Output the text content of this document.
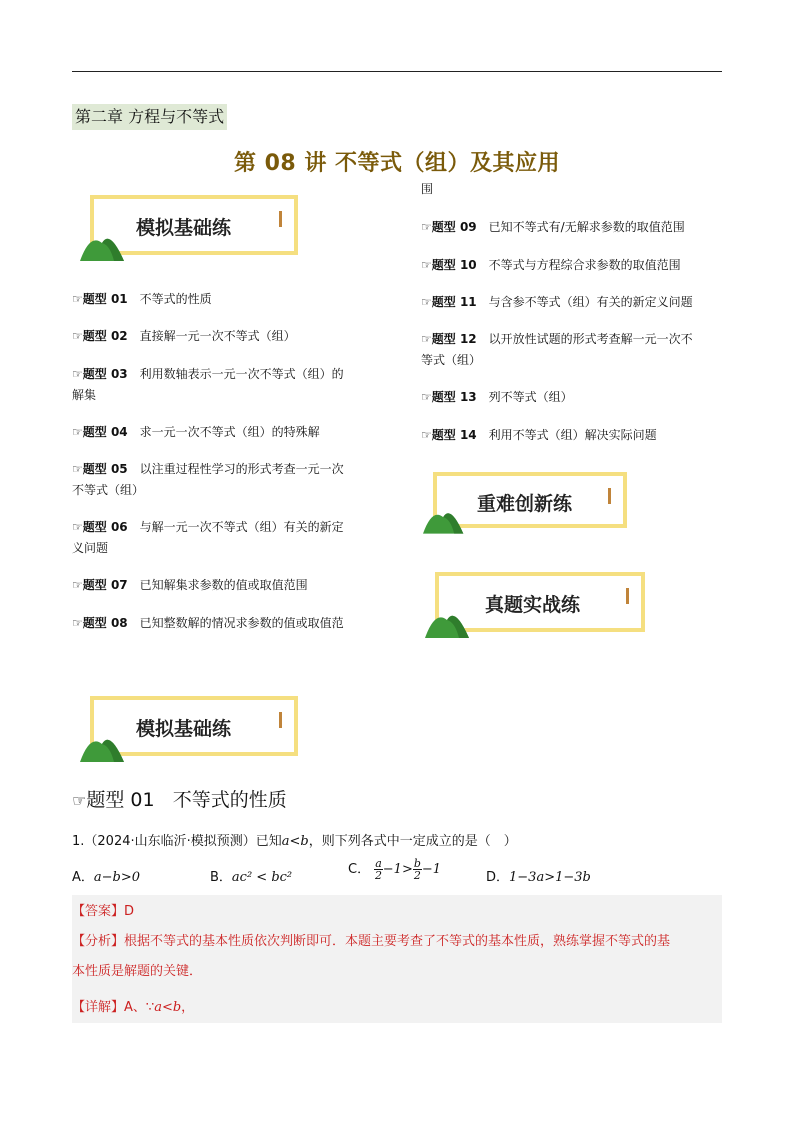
第二章 方程与不等式
第 08 讲 不等式（组）及其应用
模拟基础练
☞题型 01 不等式的性质
☞题型 02 直接解一元一次不等式（组）
☞题型 03 利用数轴表示一元一次不等式（组）的
解集
☞题型 04 求一元一次不等式（组）的特殊解
☞题型 05 以注重过程性学习的形式考查一元一次
不等式（组）
☞题型 06 与解一元一次不等式（组）有关的新定
义问题
☞题型 07 已知解集求参数的值或取值范围
☞题型 08 已知整数解的情况求参数的值或取值范
围
☞题型 09 已知不等式有/无解求参数的取值范围
☞题型 10 不等式与方程综合求参数的取值范围
☞题型 11 与含参不等式（组）有关的新定义问题
☞题型 12 以开放性试题的形式考查解一元一次不
等式（组）
☞题型 13 列不等式（组）
☞题型 14 利用不等式（组）解决实际问题
重难创新练
真题实战练
模拟基础练
☞题型 01 不等式的性质
1.（2024·山东临沂·模拟预测）已知a<b，则下列各式中一定成立的是（　）
A．a−b>0	B．ac² < bc²
C． $\frac{a}{2} -1> \frac{b}{2} -1$
D．1−3a>1−3b
【答案】D
【分析】根据不等式的基本性质依次判断即可．本题主要考查了不等式的基本性质，熟练掌握不等式的基
本性质是解题的关键．
【详解】A、∵a<b，
